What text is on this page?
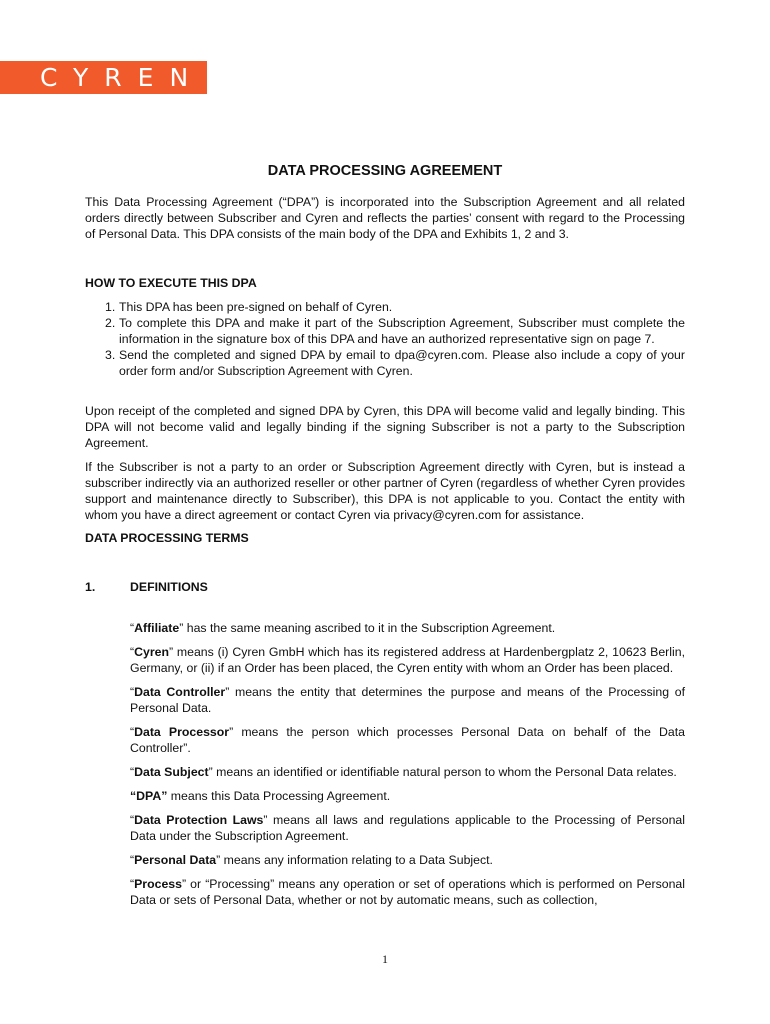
CYREN
DATA PROCESSING AGREEMENT

This Data Processing Agreement (“DPA”) is incorporated into the Subscription Agreement and all related orders directly between Subscriber and Cyren and reflects the parties’ consent with regard to the Processing of Personal Data. This DPA consists of the main body of the DPA and Exhibits 1, 2 and 3.

HOW TO EXECUTE THIS DPA
1. This DPA has been pre-signed on behalf of Cyren.
2. To complete this DPA and make it part of the Subscription Agreement, Subscriber must complete the information in the signature box of this DPA and have an authorized representative sign on page 7.
3. Send the completed and signed DPA by email to dpa@cyren.com. Please also include a copy of your order form and/or Subscription Agreement with Cyren.

Upon receipt of the completed and signed DPA by Cyren, this DPA will become valid and legally binding. This DPA will not become valid and legally binding if the signing Subscriber is not a party to the Subscription Agreement.

If the Subscriber is not a party to an order or Subscription Agreement directly with Cyren, but is instead a subscriber indirectly via an authorized reseller or other partner of Cyren (regardless of whether Cyren provides support and maintenance directly to Subscriber), this DPA is not applicable to you. Contact the entity with whom you have a direct agreement or contact Cyren via privacy@cyren.com for assistance.

DATA PROCESSING TERMS
1.	DEFINITIONS

“Affiliate” has the same meaning ascribed to it in the Subscription Agreement.

“Cyren” means (i) Cyren GmbH which has its registered address at Hardenbergplatz 2, 10623 Berlin, Germany, or (ii) if an Order has been placed, the Cyren entity with whom an Order has been placed.

“Data Controller” means the entity that determines the purpose and means of the Processing of Personal Data.

“Data Processor” means the person which processes Personal Data on behalf of the Data Controller”.

“Data Subject” means an identified or identifiable natural person to whom the Personal Data relates.

“DPA” means this Data Processing Agreement.

“Data Protection Laws” means all laws and regulations applicable to the Processing of Personal Data under the Subscription Agreement.

“Personal Data” means any information relating to a Data Subject.

“Process” or “Processing” means any operation or set of operations which is performed on Personal Data or sets of Personal Data, whether or not by automatic means, such as collection,

1
